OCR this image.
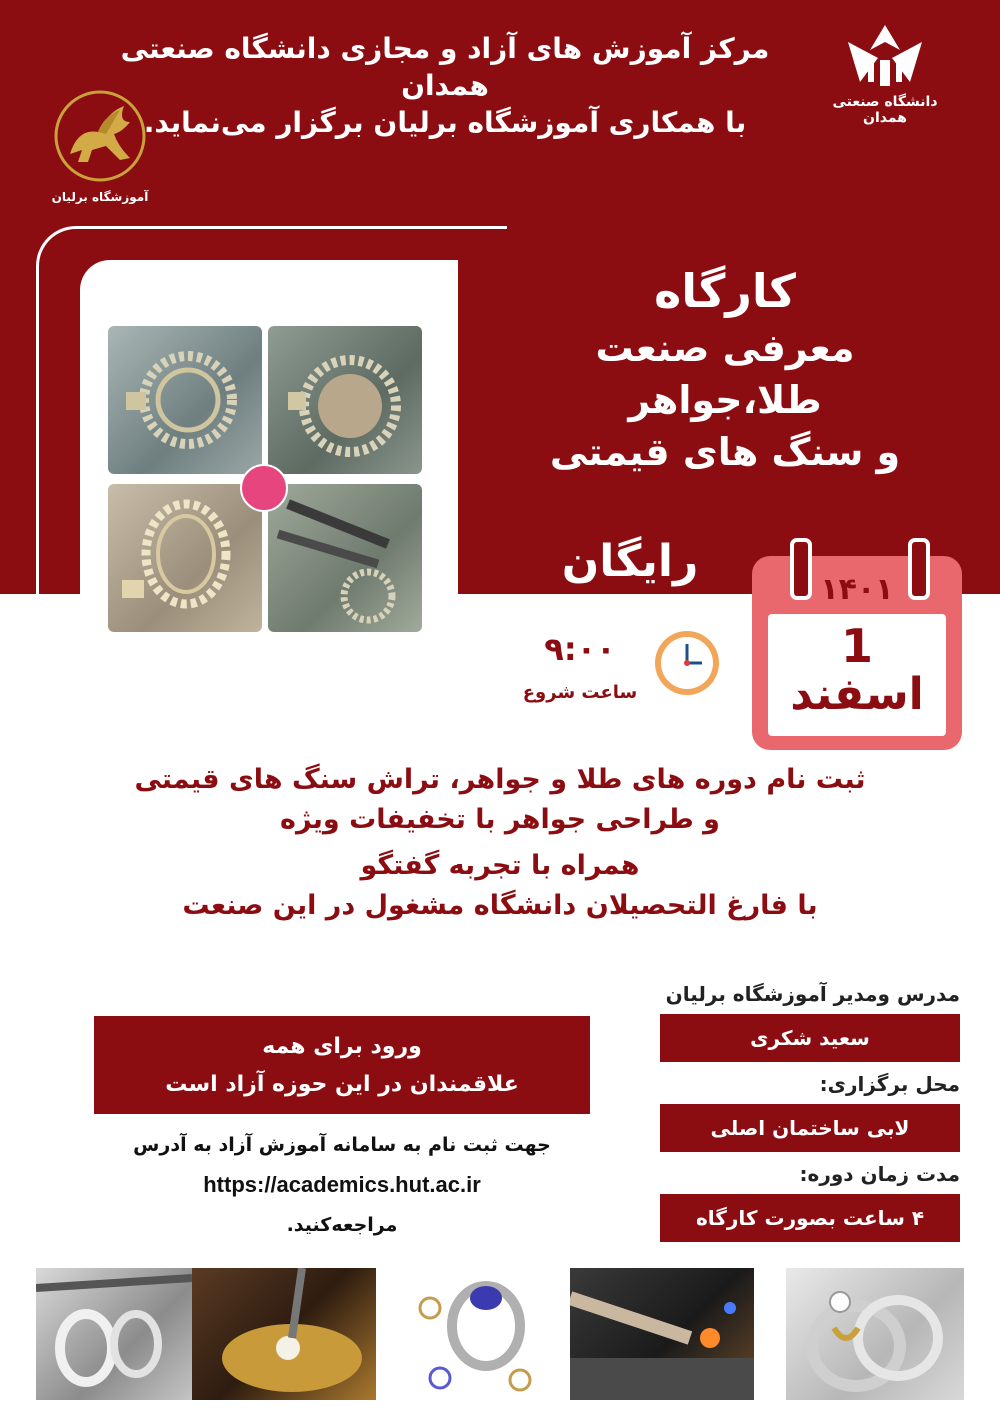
مرکز آموزش های آزاد و مجازی دانشگاه صنعتی همدان
با همکاری آموزشگاه برلیان برگزار می‌نماید.
دانشگاه صنعتی همدان
آموزشگاه برلیان
کارگاه
معرفی صنعت طلا،جواهر
و سنگ های قیمتی
رایگان
۱۴۰۱
1
اسفند
۹:۰۰
ساعت شروع
ثبت نام دوره های طلا و جواهر، تراش سنگ های قیمتی
و طراحی جواهر با تخفیفات ویژه
همراه با تجربه گفتگو
با فارغ التحصیلان دانشگاه مشغول در این صنعت
مدرس ومدیر آموزشگاه برلیان
سعید شکری
محل برگزاری:
لابی ساختمان اصلی
مدت زمان دوره:
۴ ساعت بصورت کارگاه
ورود برای همه
علاقمندان در این حوزه آزاد است
جهت ثبت نام به سامانه آموزش آزاد به آدرس
https://academics.hut.ac.ir
مراجعه‌کنید.
